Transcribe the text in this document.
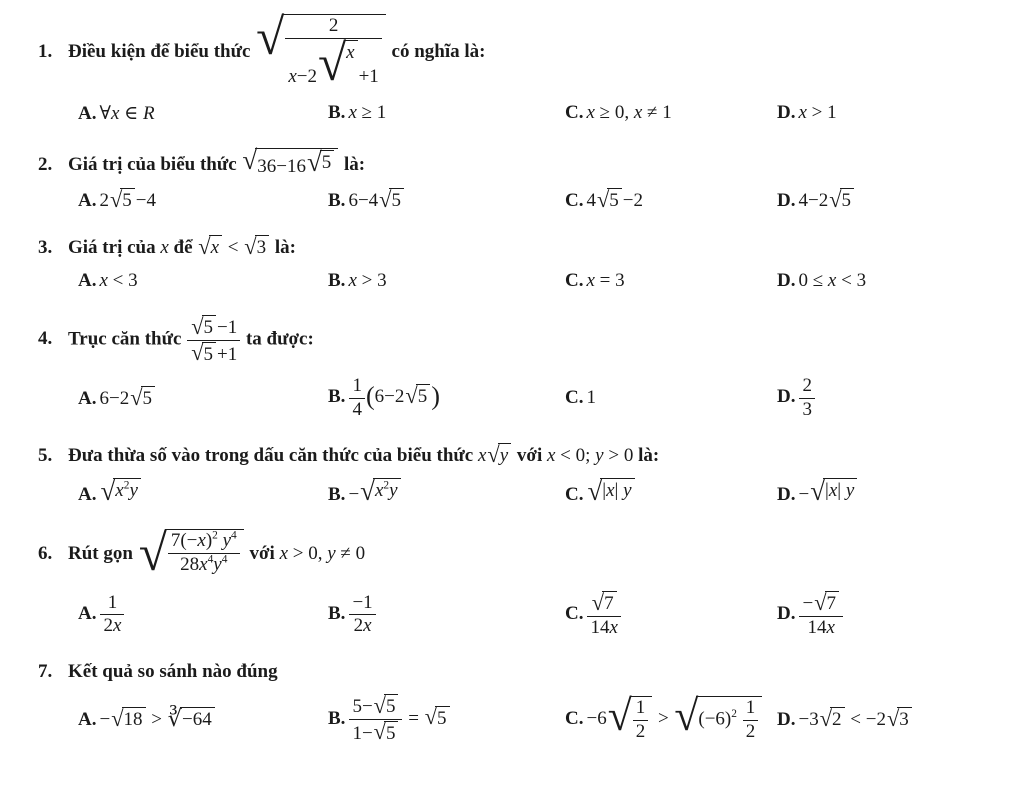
1. Điều kiện để biểu thức √ 2
x−2 √ x
+1 có nghĩa là:
A. ∀x ∈ R	B. x ≥ 1	C. x ≥ 0, x ≠ 1	D. x > 1
2. Giá trị của biểu thức √ 36−16 √ 5 là:
A. 2 √ 5 −4	B. 6−4 √ 5	C. 4 √ 5 −2	D. 4−2 √ 5
3. Giá trị của x để √ x < √ 3 là:
A. x < 3	B. x > 3	C. x = 3	D. 0 ≤ x < 3
4. Trục căn thức $\frac{√ 5 -1}{√ 5 +1}$ ta được:
A. 6−2 √ 5	B. $\frac{1}{4} (6-2$ √ 5 )	C. 1	D. $\frac{2}{3}$
5. Đưa thừa số vào trong dấu căn thức của biểu thức x √ y với x < 0; y > 0 là:
A. √ $x^2y$	B. − √ $x^2y$	C. √ |x| y	D. − √ |x| y
6. Rút gọn √ $\frac{7(-x)^2 y^4}{28x^4y^4}$ với x > 0, y ≠ 0
A. $\frac{1}{2x}$	B. $\frac{-1}{2x}$	C. $\frac{√ 7}{14x}$	D. $\frac{- √ 7}{14x}$
7. Kết quả so sánh nào đúng
A. − √ 18 > ∛ −64	B. $\frac{5- √ 5}{1- √ 5}$ = √ 5	C. −6 √ $\frac{1}{2}$ > √ $(-6)^2 \frac{1}{2} D$. −3 √ 2 < −2 √ 3
